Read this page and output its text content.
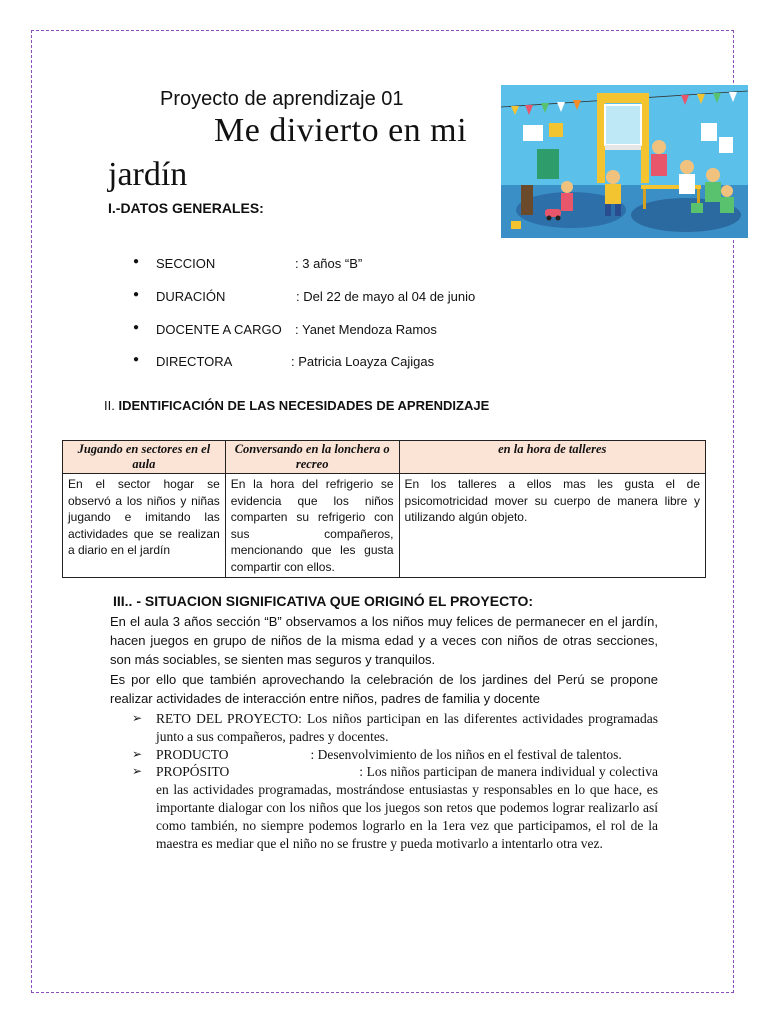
Proyecto de aprendizaje 01
Me divierto en mi
jardín
I.-DATOS GENERALES:
● SECCION	: 3 años “B”
● DURACIÓN	: Del 22 de mayo al 04 de junio
● DOCENTE A CARGO : Yanet Mendoza Ramos
● DIRECTORA	: Patricia Loayza Cajigas
II. IDENTIFICACIÓN DE LAS NECESIDADES DE APRENDIZAJE
Jugando en sectores en el aula	Conversando en la lonchera o recreo	en la hora de talleres
En el sector hogar se observó a los niños y niñas jugando e imitando las actividades que se realizan a diario en el jardín	En la hora del refrigerio se evidencia que los niños comparten su refrigerio con sus compañeros, mencionando que les gusta compartir con ellos.	En los talleres a ellos mas les gusta el de psicomotricidad mover su cuerpo de manera libre y utilizando algún objeto.
III.. - SITUACION SIGNIFICATIVA QUE ORIGINÓ EL PROYECTO:
En el aula 3 años sección “B” observamos a los niños muy felices de permanecer en el jardín, hacen juegos en grupo de niños de la misma edad y a veces con niños de otras secciones, son más sociables, se sienten mas seguros y tranquilos.
Es por ello que también aprovechando la celebración de los jardines del Perú se propone realizar actividades de interacción entre niños, padres de familia y docente
➢ RETO DEL PROYECTO: Los niños participan en las diferentes actividades programadas junto a sus compañeros, padres y docentes.
➢ PRODUCTO	: Desenvolvimiento de los niños en el festival de talentos.
➢ PROPÓSITO	: Los niños participan de manera individual y colectiva en las actividades programadas, mostrándose entusiastas y responsables en lo que hace, es importante dialogar con los niños que los juegos son retos que podemos lograr realizarlo así como también, no siempre podemos lograrlo en la 1era vez que participamos, el rol de la maestra es mediar que el niño no se frustre y pueda motivarlo a intentarlo otra vez.
